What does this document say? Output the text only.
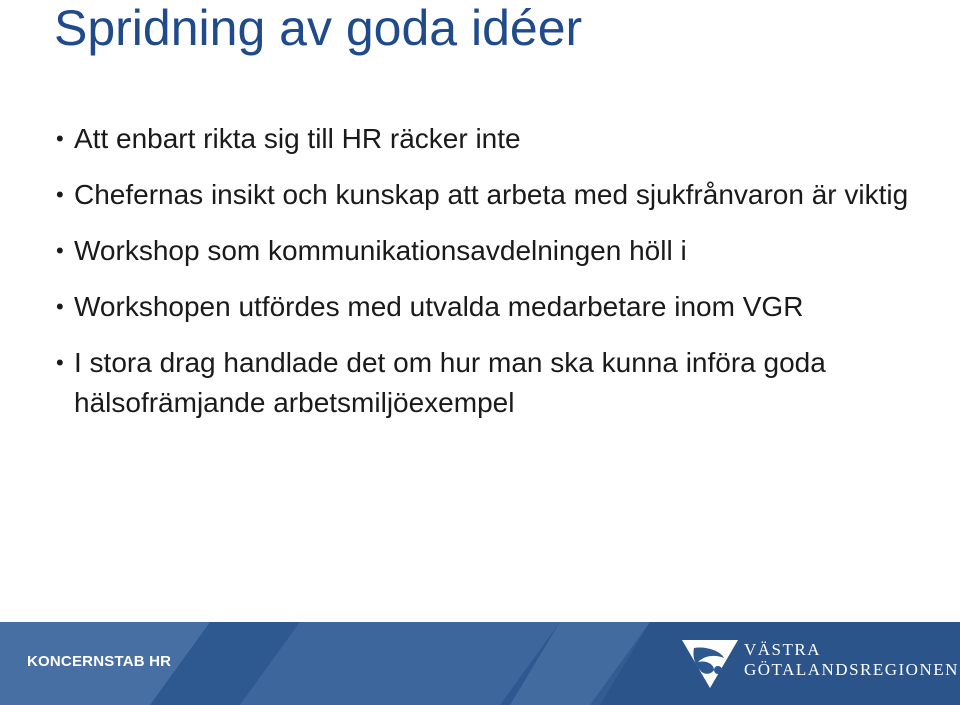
Spridning av goda idéer
• Att enbart rikta sig till HR räcker inte
• Chefernas insikt och kunskap att arbeta med sjukfrånvaron är viktig
• Workshop som kommunikationsavdelningen höll i
• Workshopen utfördes med utvalda medarbetare inom VGR
• I stora drag handlade det om hur man ska kunna införa goda hälsofrämjande arbetsmiljöexempel
KONCERNSTAB HR
VÄSTRA
GÖTALANDSREGIONEN
